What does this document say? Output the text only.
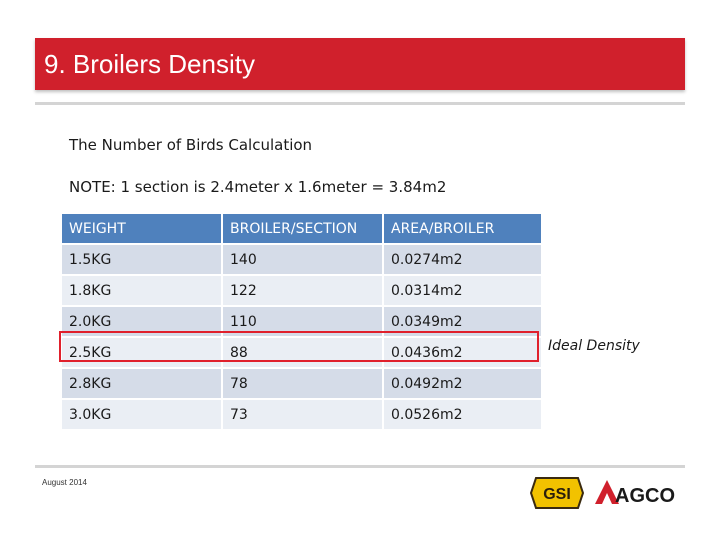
9. Broilers Density
The Number of Birds Calculation
NOTE: 1 section is 2.4meter x 1.6meter = 3.84m2
WEIGHT	BROILER/SECTION	AREA/BROILER
1.5KG	140	0.0274m2
1.8KG	122	0.0314m2
2.0KG	110	0.0349m2
2.5KG	88	0.0436m2
2.8KG	78	0.0492m2
3.0KG	73	0.0526m2
Ideal Density
August 2014
GSI AGCO
